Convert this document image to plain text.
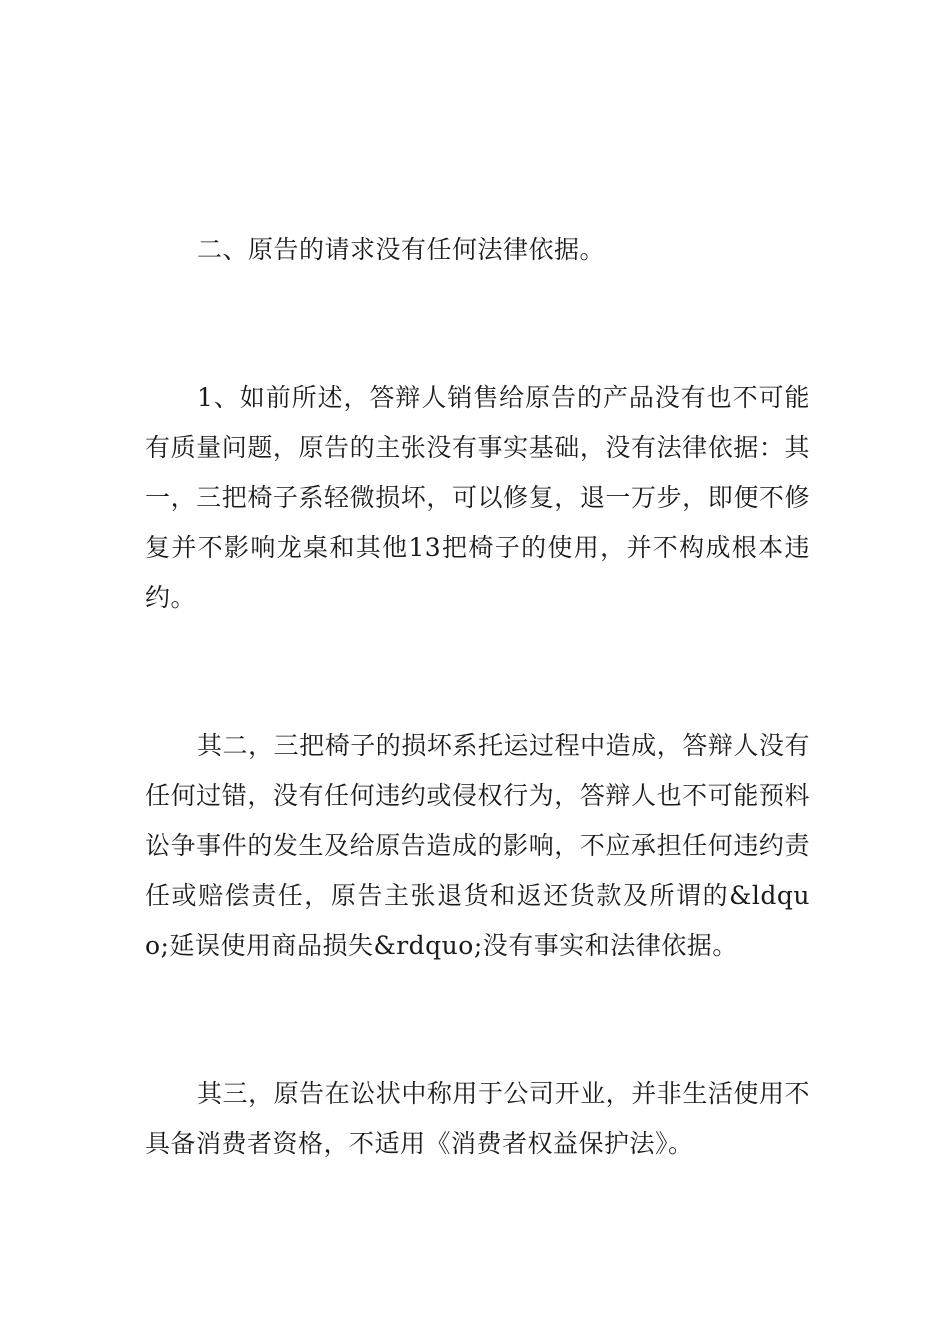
二、原告的请求没有任何法律依据。

1、如前所述，答辩人销售给原告的产品没有也不可能有质量问题，原告的主张没有事实基础，没有法律依据：其一，三把椅子系轻微损坏，可以修复，退一万步，即便不修复并不影响龙桌和其他13把椅子的使用，并不构成根本违约。

其二，三把椅子的损坏系托运过程中造成，答辩人没有任何过错，没有任何违约或侵权行为，答辩人也不可能预料讼争事件的发生及给原告造成的影响，不应承担任何违约责任或赔偿责任，原告主张退货和返还货款及所谓的&ldquo;延误使用商品损失&rdquo;没有事实和法律依据。

其三，原告在讼状中称用于公司开业，并非生活使用不具备消费者资格，不适用《消费者权益保护法》。
